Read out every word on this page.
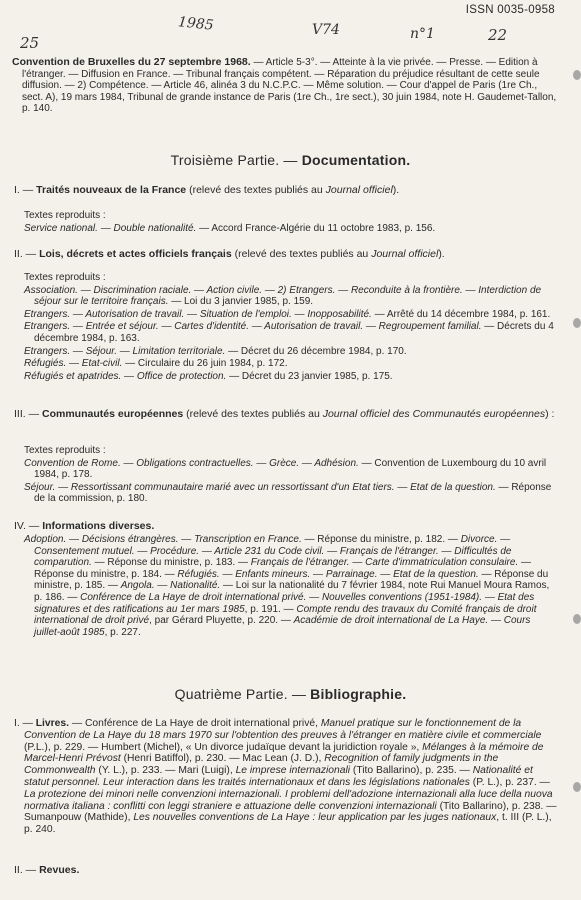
25
1985	V74	n°1	22
ISSN 0035-0958

Convention de Bruxelles du 27 septembre 1968. — Article 5-3°. — Atteinte à la vie privée. — Presse. — Edition à l'étranger. — Diffusion en France. — Tribunal français compétent. — Réparation du préjudice résultant de cette seule diffusion. — 2) Compétence. — Article 46, alinéa 3 du N.C.P.C. — Même solution. — Cour d'appel de Paris (1re Ch., sect. A), 19 mars 1984, Tribunal de grande instance de Paris (1re Ch., 1re sect.), 30 juin 1984, note H. Gaudemet-Tallon, p. 140.

Troisième Partie. — Documentation.
I. — Traités nouveaux de la France (relevé des textes publiés au Journal officiel).

Textes reproduits :

Service national. — Double nationalité. — Accord France-Algérie du 11 octobre 1983, p. 156.

II. — Lois, décrets et actes officiels français (relevé des textes publiés au Journal officiel).

Textes reproduits :

Association. — Discrimination raciale. — Action civile. — 2) Etrangers. — Reconduite à la frontière. — Interdiction de séjour sur le territoire français. — Loi du 3 janvier 1985, p. 159.

Etrangers. — Autorisation de travail. — Situation de l'emploi. — Inopposabilité. — Arrêté du 14 décembre 1984, p. 161.

Etrangers. — Entrée et séjour. — Cartes d'identité. — Autorisation de travail. — Regroupement familial. — Décrets du 4 décembre 1984, p. 163.

Etrangers. — Séjour. — Limitation territoriale. — Décret du 26 décembre 1984, p. 170.

Réfugiés. — Etat-civil. — Circulaire du 26 juin 1984, p. 172.

Réfugiés et apatrides. — Office de protection. — Décret du 23 janvier 1985, p. 175.

III. — Communautés européennes (relevé des textes publiés au Journal officiel des Communautés européennes) :

Textes reproduits :

Convention de Rome. — Obligations contractuelles. — Grèce. — Adhésion. — Convention de Luxembourg du 10 avril 1984, p. 178.

Séjour. — Ressortissant communautaire marié avec un ressortissant d'un Etat tiers. — Etat de la question. — Réponse de la commission, p. 180.

IV. — Informations diverses.

Adoption. — Décisions étrangères. — Transcription en France. — Réponse du ministre, p. 182. — Divorce. — Consentement mutuel. — Procédure. — Article 231 du Code civil. — Français de l'étranger. — Difficultés de comparution. — Réponse du ministre, p. 183. — Français de l'étranger. — Carte d'immatriculation consulaire. — Réponse du ministre, p. 184. — Réfugiés. — Enfants mineurs. — Parrainage. — Etat de la question. — Réponse du ministre, p. 185. — Angola. — Nationalité. — Loi sur la nationalité du 7 février 1984, note Rui Manuel Moura Ramos, p. 186. — Conférence de La Haye de droit international privé. — Nouvelles conventions (1951-1984). — Etat des signatures et des ratifications au 1er mars 1985, p. 191. — Compte rendu des travaux du Comité français de droit international de droit privé, par Gérard Pluyette, p. 220. — Académie de droit international de La Haye. — Cours juillet-août 1985, p. 227.

Quatrième Partie. — Bibliographie.

I. — Livres. — Conférence de La Haye de droit international privé, Manuel pratique sur le fonctionnement de la Convention de La Haye du 18 mars 1970 sur l'obtention des preuves à l'étranger en matière civile et commerciale (P.L.), p. 229. — Humbert (Michel), « Un divorce judaïque devant la juridiction royale », Mélanges à la mémoire de Marcel-Henri Prévost (Henri Batiffol), p. 230. — Mac Lean (J. D.), Recognition of family judgments in the Commonwealth (Y. L.), p. 233. — Mari (Luigi), Le imprese internazionali (Tito Ballarino), p. 235. — Nationalité et statut personnel. Leur interaction dans les traités internationaux et dans les législations nationales (P. L.), p. 237. — La protezione dei minori nelle convenzioni internazionali. I problemi dell'adozione internazionali alla luce della nuova normativa italiana : conflitti con leggi straniere e attuazione delle convenzioni internazionali (Tito Ballarino), p. 238. — Sumanpouw (Mathide), Les nouvelles conventions de La Haye : leur application par les juges nationaux, t. III (P. L.), p. 240.

II. — Revues.
